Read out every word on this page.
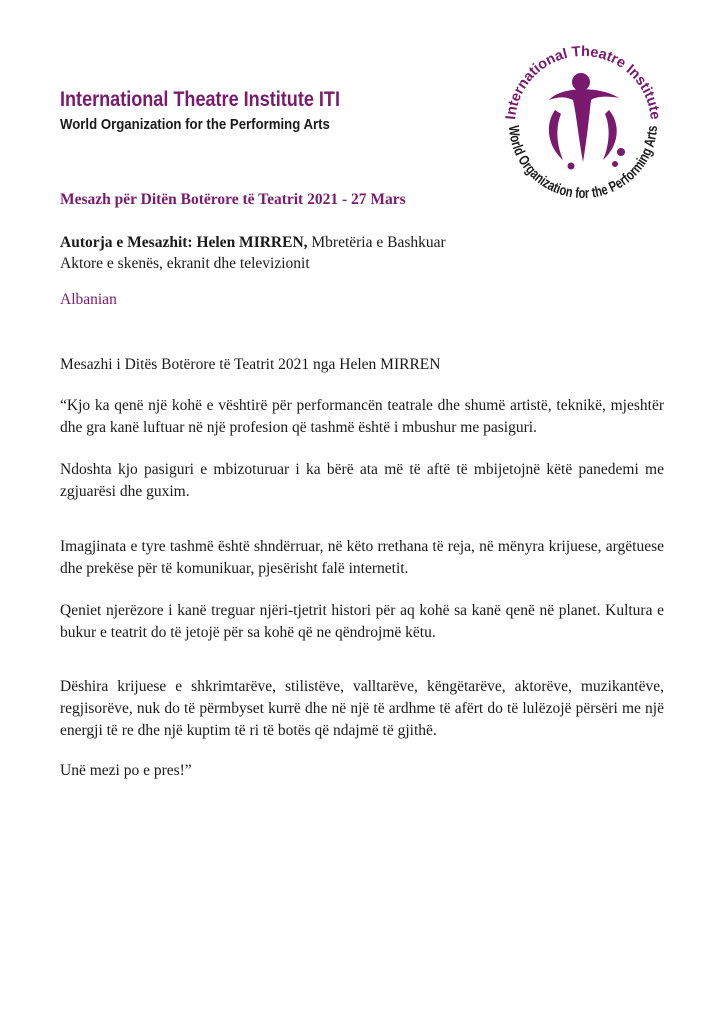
International Theatre Institute ITI
World Organization for the Performing Arts	International Theatre Institute
World Organization for the Performing Arts

Mesazh për Ditën Botërore të Teatrit 2021 - 27 Mars

Autorja e Mesazhit: Helen MIRREN, Mbretëria e Bashkuar

Aktore e skenës, ekranit dhe televizionit

Albanian

Mesazhi i Ditës Botërore të Teatrit 2021 nga Helen MIRREN

“Kjo ka qenë një kohë e vështirë për performancën teatrale dhe shumë artistë, teknikë, mjeshtër dhe gra kanë luftuar në një profesion që tashmë është i mbushur me pasiguri.

Ndoshta kjo pasiguri e mbizoturuar i ka bërë ata më të aftë të mbijetojnë këtë panedemi me zgjuarësi dhe guxim.

Imagjinata e tyre tashmë është shndërruar, në këto rrethana të reja, në mënyra krijuese, argëtuese dhe prekëse për të komunikuar, pjesërisht falë internetit.

Qeniet njerëzore i kanë treguar njëri-tjetrit histori për aq kohë sa kanë qenë në planet. Kultura e bukur e teatrit do të jetojë për sa kohë që ne qëndrojmë këtu.

Dëshira krijuese e shkrimtarëve, stilistëve, valltarëve, këngëtarëve, aktorëve, muzikantëve, regjisorëve, nuk do të përmbyset kurrë dhe në një të ardhme të afërt do të lulëzojë përsëri me një energji të re dhe një kuptim të ri të botës që ndajmë të gjithë.

Unë mezi po e pres!”
